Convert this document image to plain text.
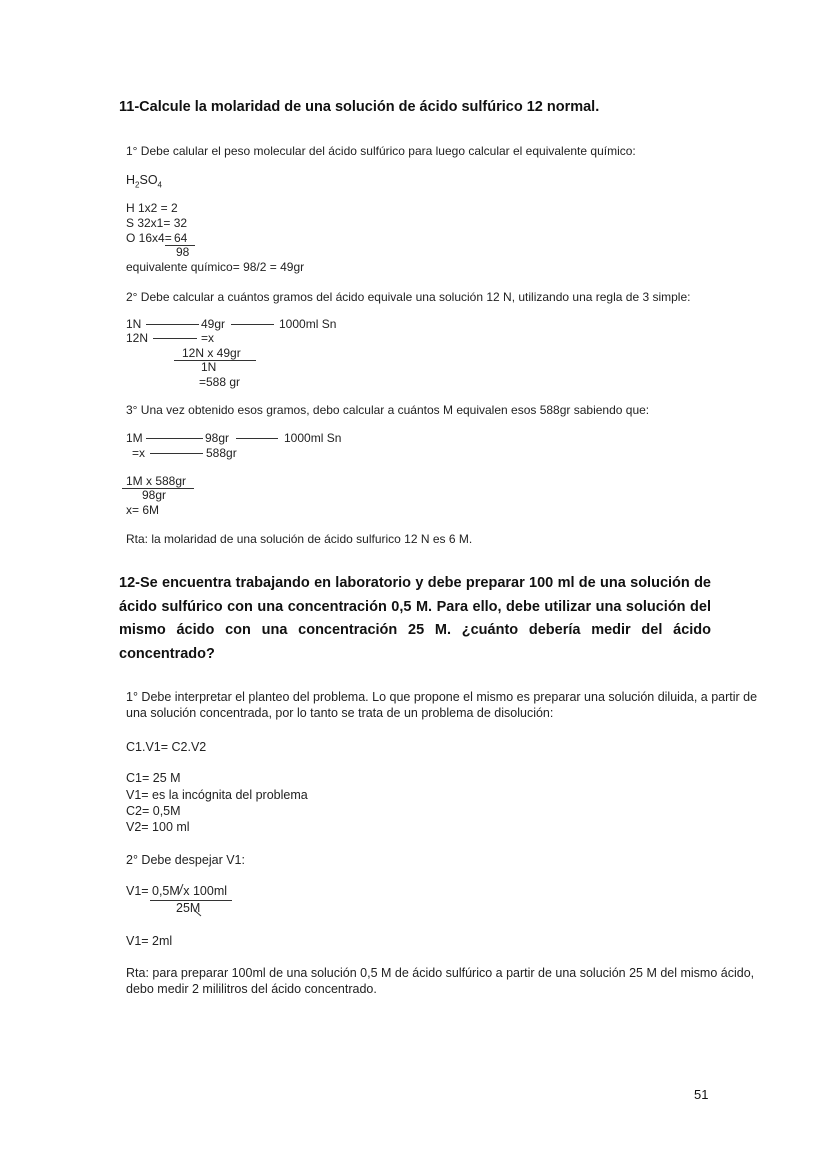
11-Calcule la molaridad de una solución de ácido sulfúrico 12 normal.
1° Debe calular el peso molecular del ácido sulfúrico para luego calcular el equivalente químico:
$H_2SO_4$
H 1x2 = 2
S 32x1= 32
O 16x4= 64
98
equivalente químico= 98/2 = 49gr
2° Debe calcular a cuántos gramos del ácido equivale una solución 12 N, utilizando una regla de 3 simple:
1N	49gr	1000ml Sn
12N	=x
12N x 49gr
1N
=588 gr
3° Una vez obtenido esos gramos, debo calcular a cuántos M equivalen esos 588gr sabiendo que:
1M	98gr	1000ml Sn
=x	588gr
1M x 588gr
98gr
x= 6M
Rta: la molaridad de una solución de ácido sulfurico 12 N es 6 M.
12-Se encuentra trabajando en laboratorio y debe preparar 100 ml de una solución de ácido sulfúrico con una concentración 0,5 M. Para ello, debe utilizar una solución del mismo ácido con una concentración 25 M. ¿cuánto debería medir del ácido concentrado?
1° Debe interpretar el planteo del problema. Lo que propone el mismo es preparar una solución diluida, a partir de una solución concentrada, por lo tanto se trata de un problema de disolución:
C1.V1= C2.V2
C1= 25 M
V1= es la incógnita del problema
C2= 0,5M
V2= 100 ml
2° Debe despejar V1:
V1= 0,5M x 100ml
25M
V1= 2ml
Rta: para preparar 100ml de una solución 0,5 M de ácido sulfúrico a partir de una solución 25 M del mismo ácido, debo medir 2 mililitros del ácido concentrado.
51
